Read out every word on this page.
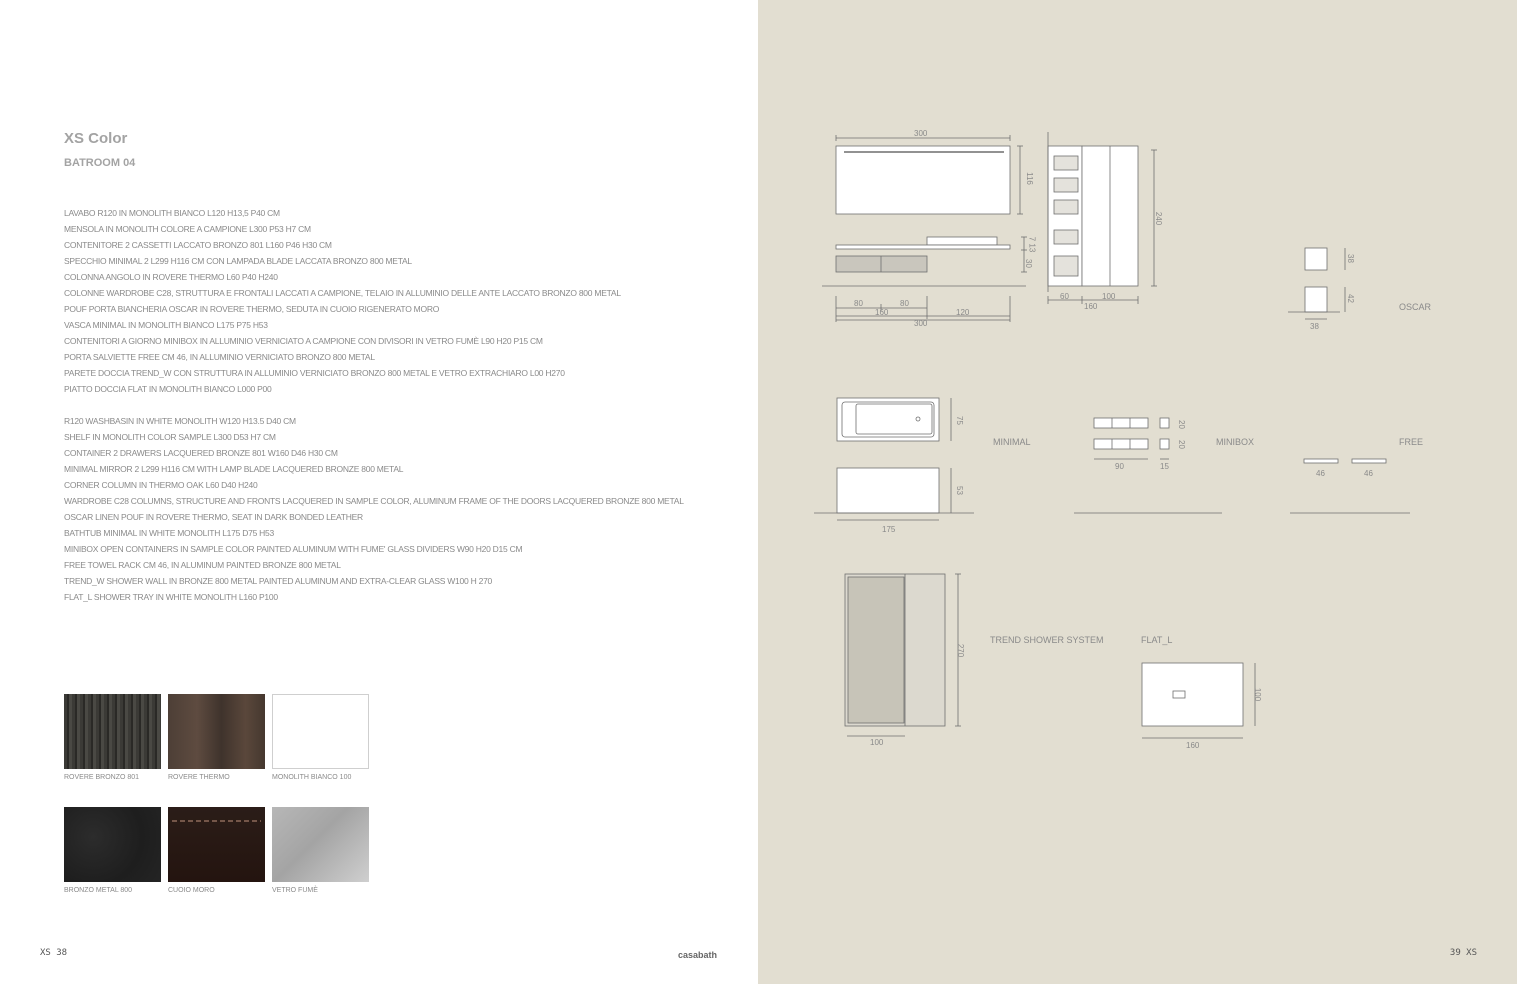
XS Color
BATROOM 04
LAVABO R120 IN MONOLITH BIANCO L120 H13,5 P40 CM
MENSOLA IN MONOLITH COLORE A CAMPIONE L300 P53 H7 CM
CONTENITORE 2 CASSETTI LACCATO BRONZO 801 L160 P46 H30 CM
SPECCHIO MINIMAL 2 L299 H116 CM CON LAMPADA BLADE LACCATA BRONZO 800 METAL
COLONNA ANGOLO IN ROVERE THERMO L60 P40 H240
COLONNE WARDROBE C28, STRUTTURA E FRONTALI LACCATI A CAMPIONE, TELAIO IN ALLUMINIO DELLE ANTE LACCATO BRONZO 800 METAL
POUF PORTA BIANCHERIA OSCAR IN ROVERE THERMO, SEDUTA IN CUOIO RIGENERATO MORO
VASCA MINIMAL IN MONOLITH BIANCO L175 P75 H53
CONTENITORI A GIORNO MINIBOX IN ALLUMINIO VERNICIATO A CAMPIONE CON DIVISORI IN VETRO FUMÈ L90 H20 P15 CM
PORTA SALVIETTE FREE CM 46, IN ALLUMINIO VERNICIATO BRONZO 800 METAL
PARETE DOCCIA TREND_W CON STRUTTURA IN ALLUMINIO VERNICIATO BRONZO 800 METAL E VETRO EXTRACHIARO L00 H270
PIATTO DOCCIA FLAT IN MONOLITH BIANCO L000 P00
R120 WASHBASIN IN WHITE MONOLITH W120 H13.5 D40 CM
SHELF IN MONOLITH COLOR SAMPLE L300 D53 H7 CM
CONTAINER 2 DRAWERS LACQUERED BRONZE 801 W160 D46 H30 CM
MINIMAL MIRROR 2 L299 H116 CM WITH LAMP BLADE LACQUERED BRONZE 800 METAL
CORNER COLUMN IN THERMO OAK L60 D40 H240
WARDROBE C28 COLUMNS, STRUCTURE AND FRONTS LACQUERED IN SAMPLE COLOR, ALUMINUM FRAME OF THE DOORS LACQUERED BRONZE 800 METAL
OSCAR LINEN POUF IN ROVERE THERMO, SEAT IN DARK BONDED LEATHER
BATHTUB MINIMAL IN WHITE MONOLITH L175 D75 H53
MINIBOX OPEN CONTAINERS IN SAMPLE COLOR PAINTED ALUMINUM WITH FUME' GLASS DIVIDERS W90 H20 D15 CM
FREE TOWEL RACK CM 46, IN ALUMINUM PAINTED BRONZE 800 METAL
TREND_W SHOWER WALL IN BRONZE 800 METAL PAINTED ALUMINUM AND EXTRA-CLEAR GLASS W100 H 270
FLAT_L SHOWER TRAY IN WHITE MONOLITH L160 P100
ROVERE BRONZO 801	ROVERE THERMO	MONOLITH BIANCO 100
BRONZO METAL 800	CUOIO MORO	VETRO FUMÈ
XS 38	casabath
300
116
7 13
30
80	80
160	120
300
240
60	100
160
38
42
38
75
53
175
20
20
90	15
46	46
270
100
100
160
OSCAR
MINIMAL	MINIBOX	FREE
TREND SHOWER SYSTEM	FLAT_L
39 XS
